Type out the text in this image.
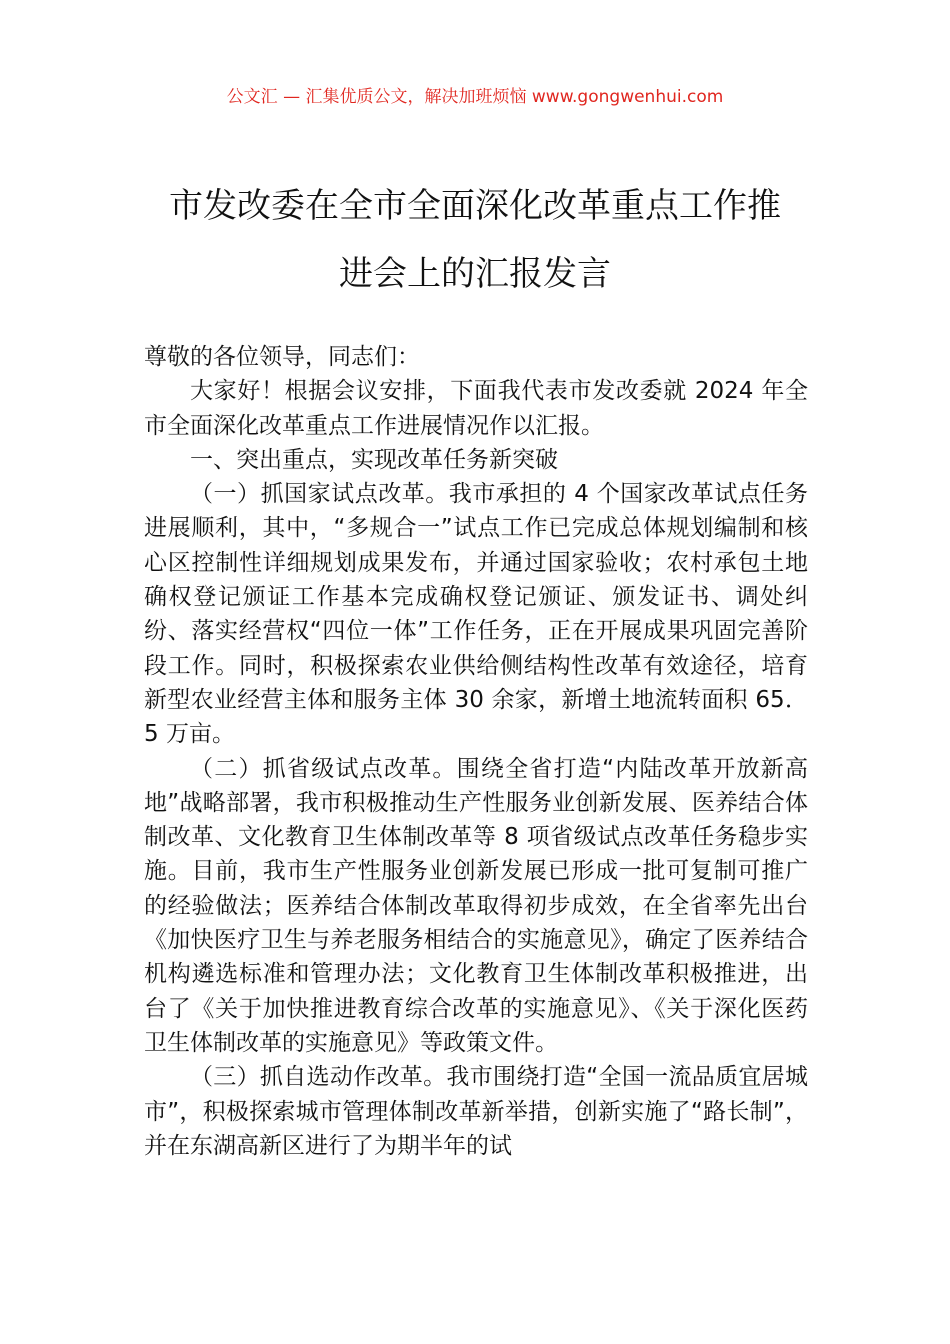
公文汇 — 汇集优质公文，解决加班烦恼 www.gongwenhui.com
市发改委在全市全面深化改革重点工作推
进会上的汇报发言

尊敬的各位领导，同志们：

大家好！根据会议安排，下面我代表市发改委就 2024 年全市全面深化改革重点工作进展情况作以汇报。

一、突出重点，实现改革任务新突破

（一）抓国家试点改革。我市承担的 4 个国家改革试点任务进展顺利，其中，“多规合一”试点工作已完成总体规划编制和核心区控制性详细规划成果发布，并通过国家验收；农村承包土地确权登记颁证工作基本完成确权登记颁证、颁发证书、调处纠纷、落实经营权“四位一体”工作任务，正在开展成果巩固完善阶段工作。同时，积极探索农业供给侧结构性改革有效途径，培育新型农业经营主体和服务主体 30 余家，新增土地流转面积 65．5 万亩。

（二）抓省级试点改革。围绕全省打造“内陆改革开放新高地”战略部署，我市积极推动生产性服务业创新发展、医养结合体制改革、文化教育卫生体制改革等 8 项省级试点改革任务稳步实施。目前，我市生产性服务业创新发展已形成一批可复制可推广的经验做法；医养结合体制改革取得初步成效，在全省率先出台《加快医疗卫生与养老服务相结合的实施意见》，确定了医养结合机构遴选标准和管理办法；文化教育卫生体制改革积极推进，出台了《关于加快推进教育综合改革的实施意见》、《关于深化医药卫生体制改革的实施意见》等政策文件。

（三）抓自选动作改革。我市围绕打造“全国一流品质宜居城市”，积极探索城市管理体制改革新举措，创新实施了“路长制”，并在东湖高新区进行了为期半年的试
